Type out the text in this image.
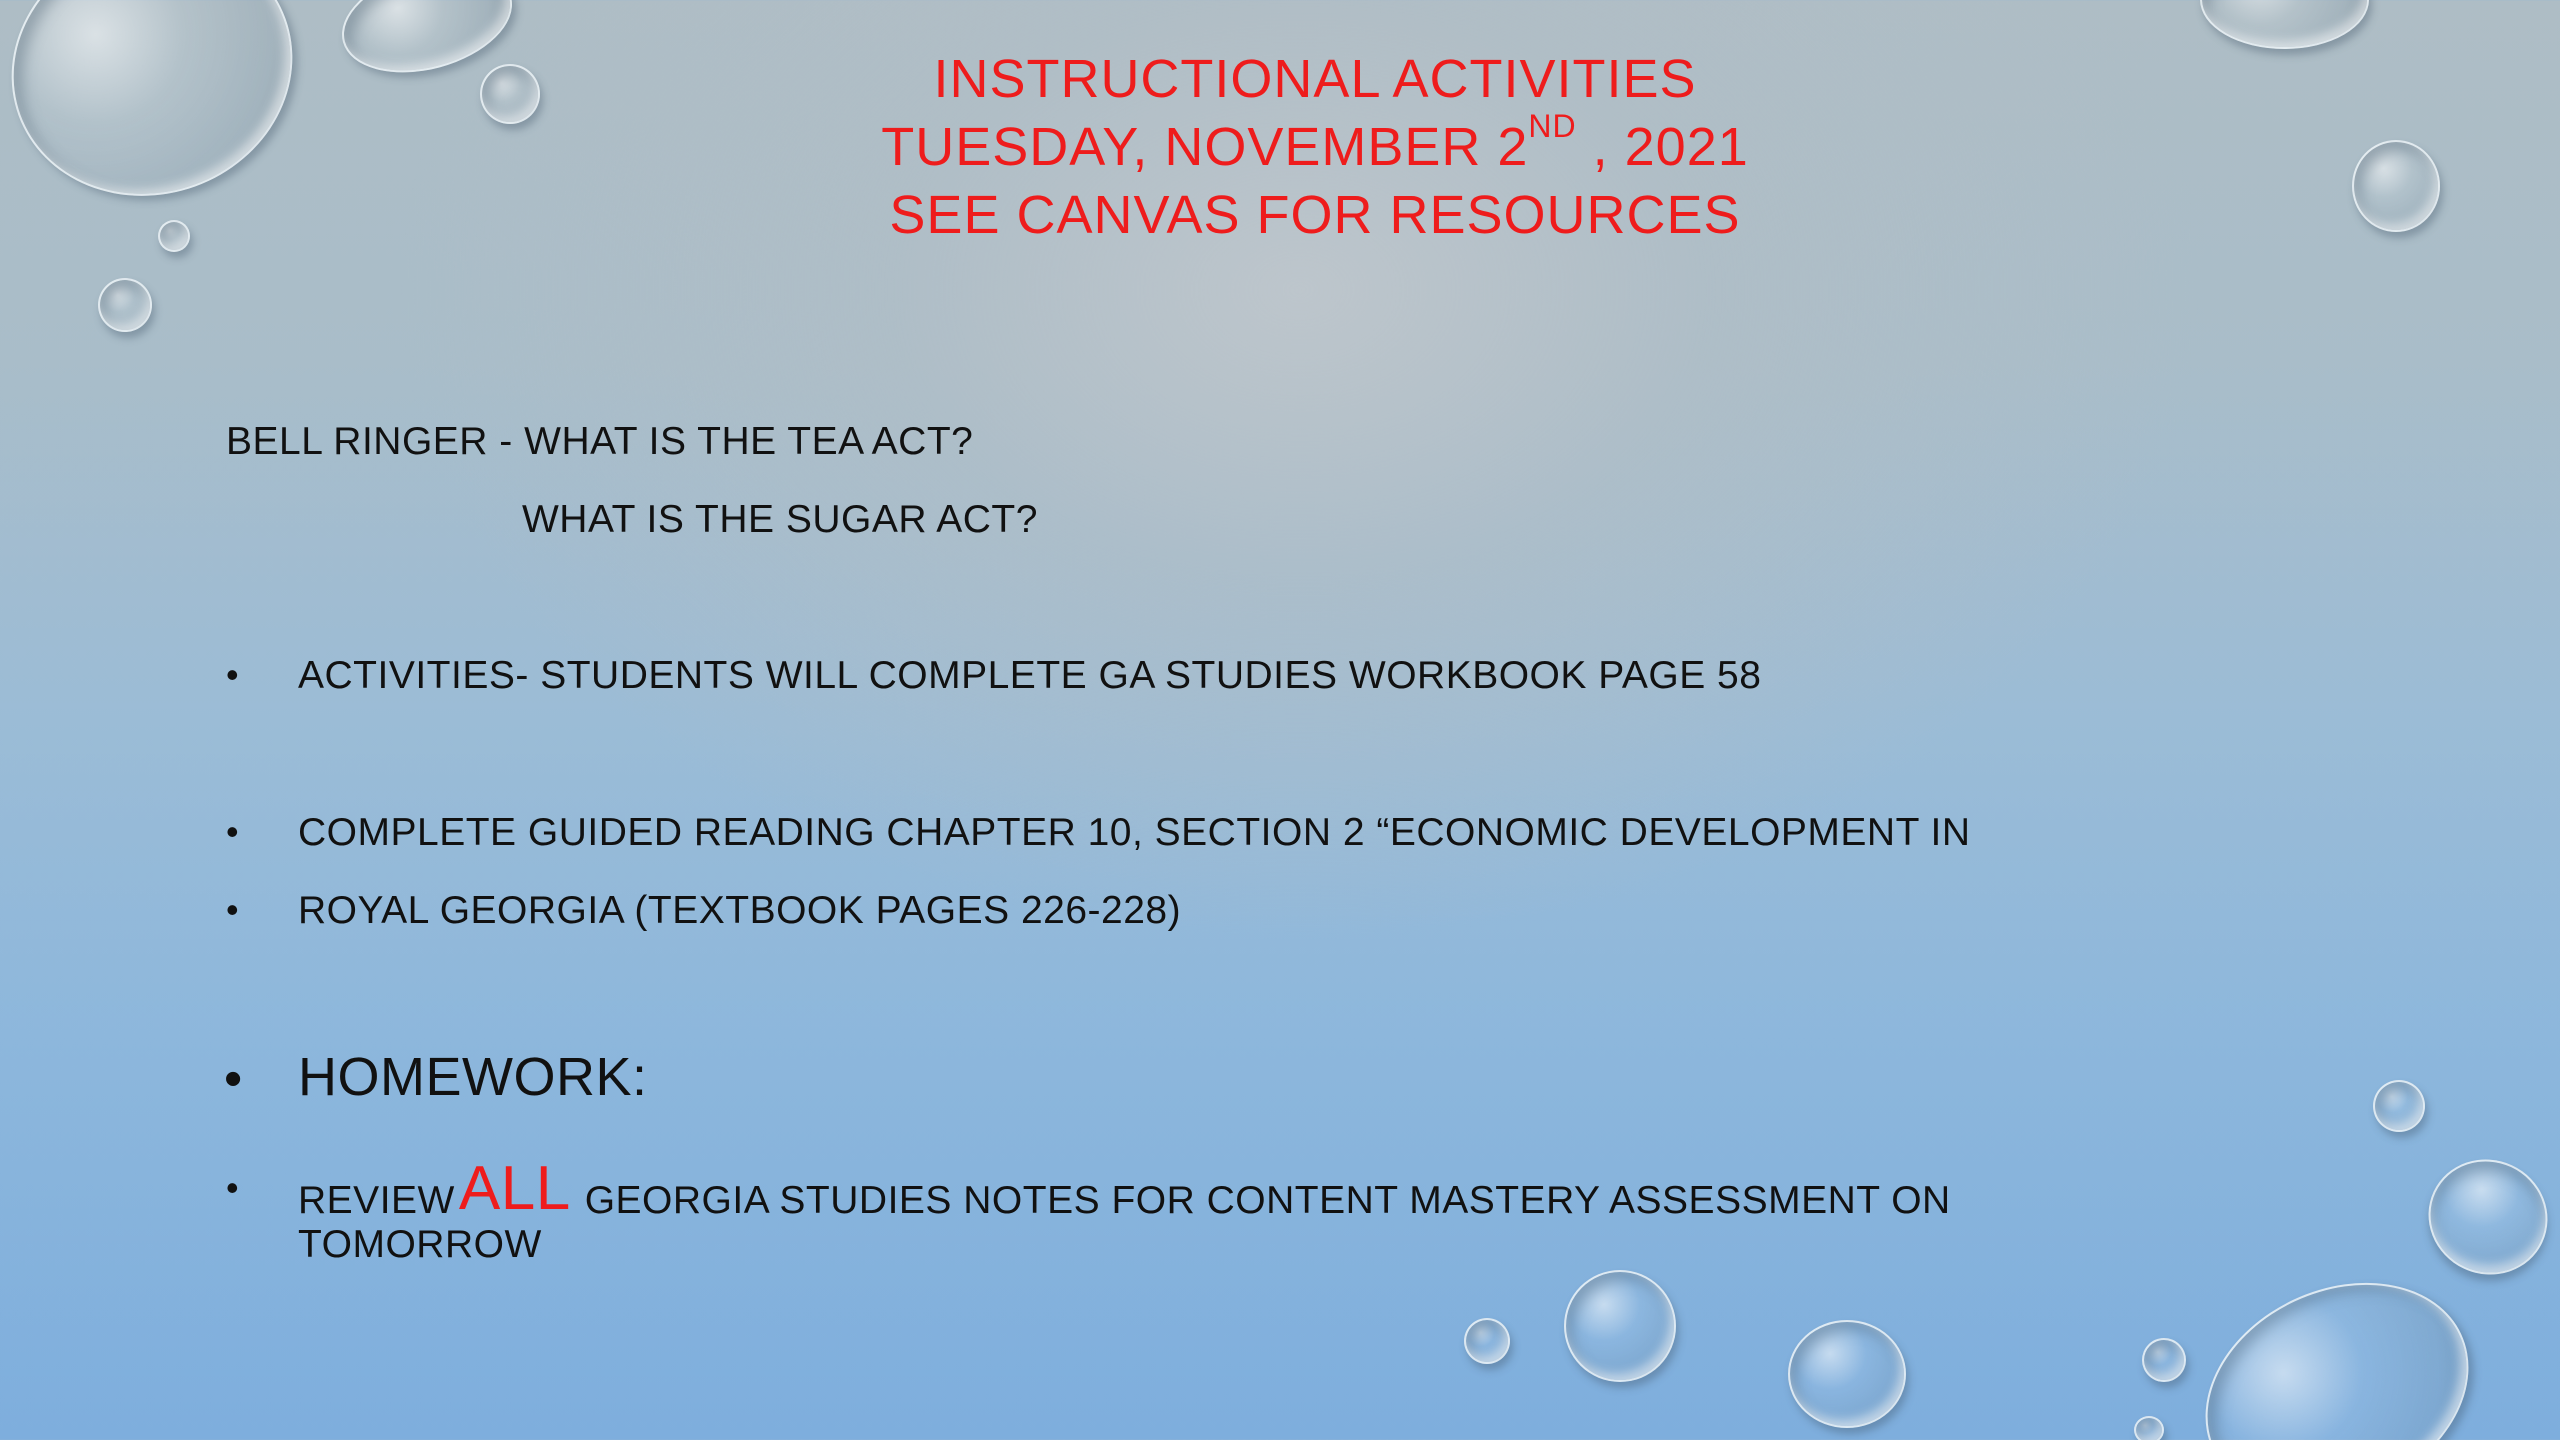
INSTRUCTIONAL ACTIVITIES
TUESDAY, NOVEMBER 2ND , 2021
SEE CANVAS FOR RESOURCES
BELL RINGER - WHAT IS THE TEA ACT?
WHAT IS THE SUGAR ACT?
• ACTIVITIES- STUDENTS WILL COMPLETE GA STUDIES WORKBOOK PAGE 58
• COMPLETE GUIDED READING CHAPTER 10, SECTION 2 “ECONOMIC DEVELOPMENT IN
• ROYAL GEORGIA (TEXTBOOK PAGES 226-228)
• HOMEWORK:
• REVIEWALL GEORGIA STUDIES NOTES FOR CONTENT MASTERY ASSESSMENT ON
TOMORROW
